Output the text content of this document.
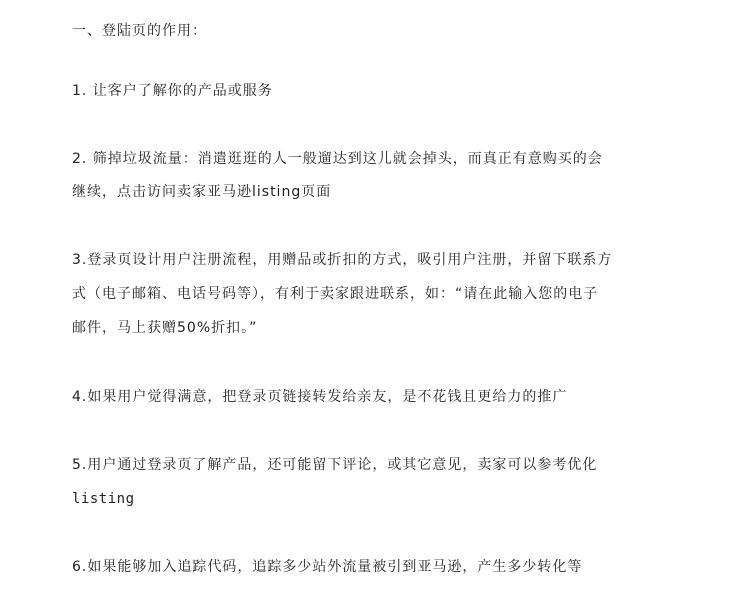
一、登陆页的作用：
1. 让客户了解你的产品或服务
2. 筛掉垃圾流量：消遣逛逛的人一般遛达到这儿就会掉头，而真正有意购买的会
继续，点击访问卖家亚马逊listing页面
3.登录页设计用户注册流程，用赠品或折扣的方式，吸引用户注册，并留下联系方
式（电子邮箱、电话号码等），有利于卖家跟进联系，如：“请在此输入您的电子
邮件，马上获赠50%折扣。”
4.如果用户觉得满意，把登录页链接转发给亲友，是不花钱且更给力的推广
5.用户通过登录页了解产品，还可能留下评论，或其它意见，卖家可以参考优化
listing
6.如果能够加入追踪代码，追踪多少站外流量被引到亚马逊，产生多少转化等
